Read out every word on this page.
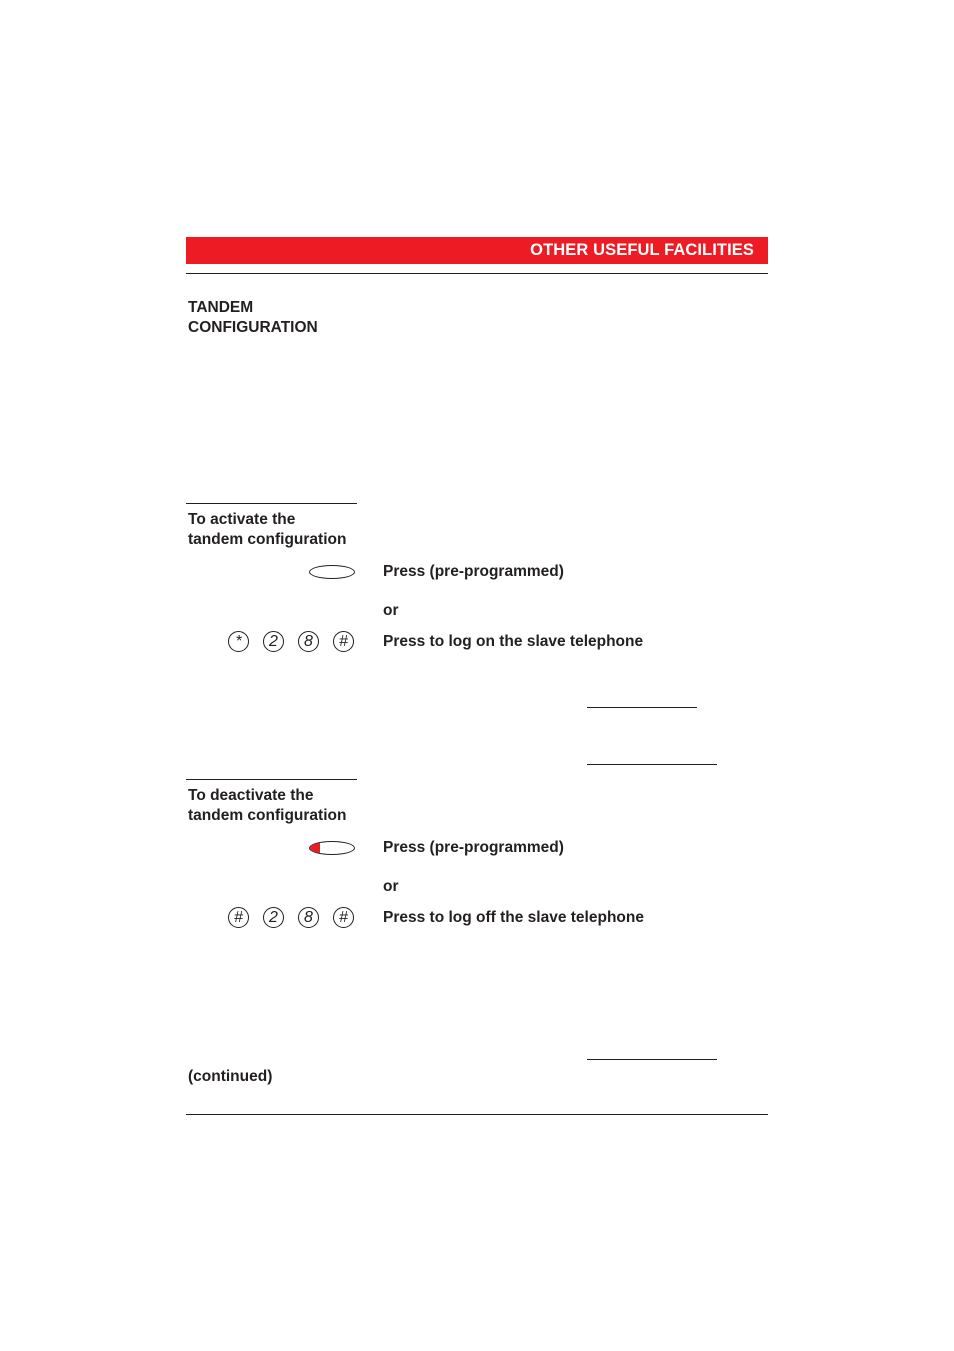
OTHER USEFUL FACILITIES
TANDEM
CONFIGURATION
To activate the
tandem configuration
Press (pre-programmed)
or
*	2	8	#	Press to log on the slave telephone
To deactivate the
tandem configuration
Press (pre-programmed)
or
#	2	8	#	Press to log off the slave telephone
(continued)
